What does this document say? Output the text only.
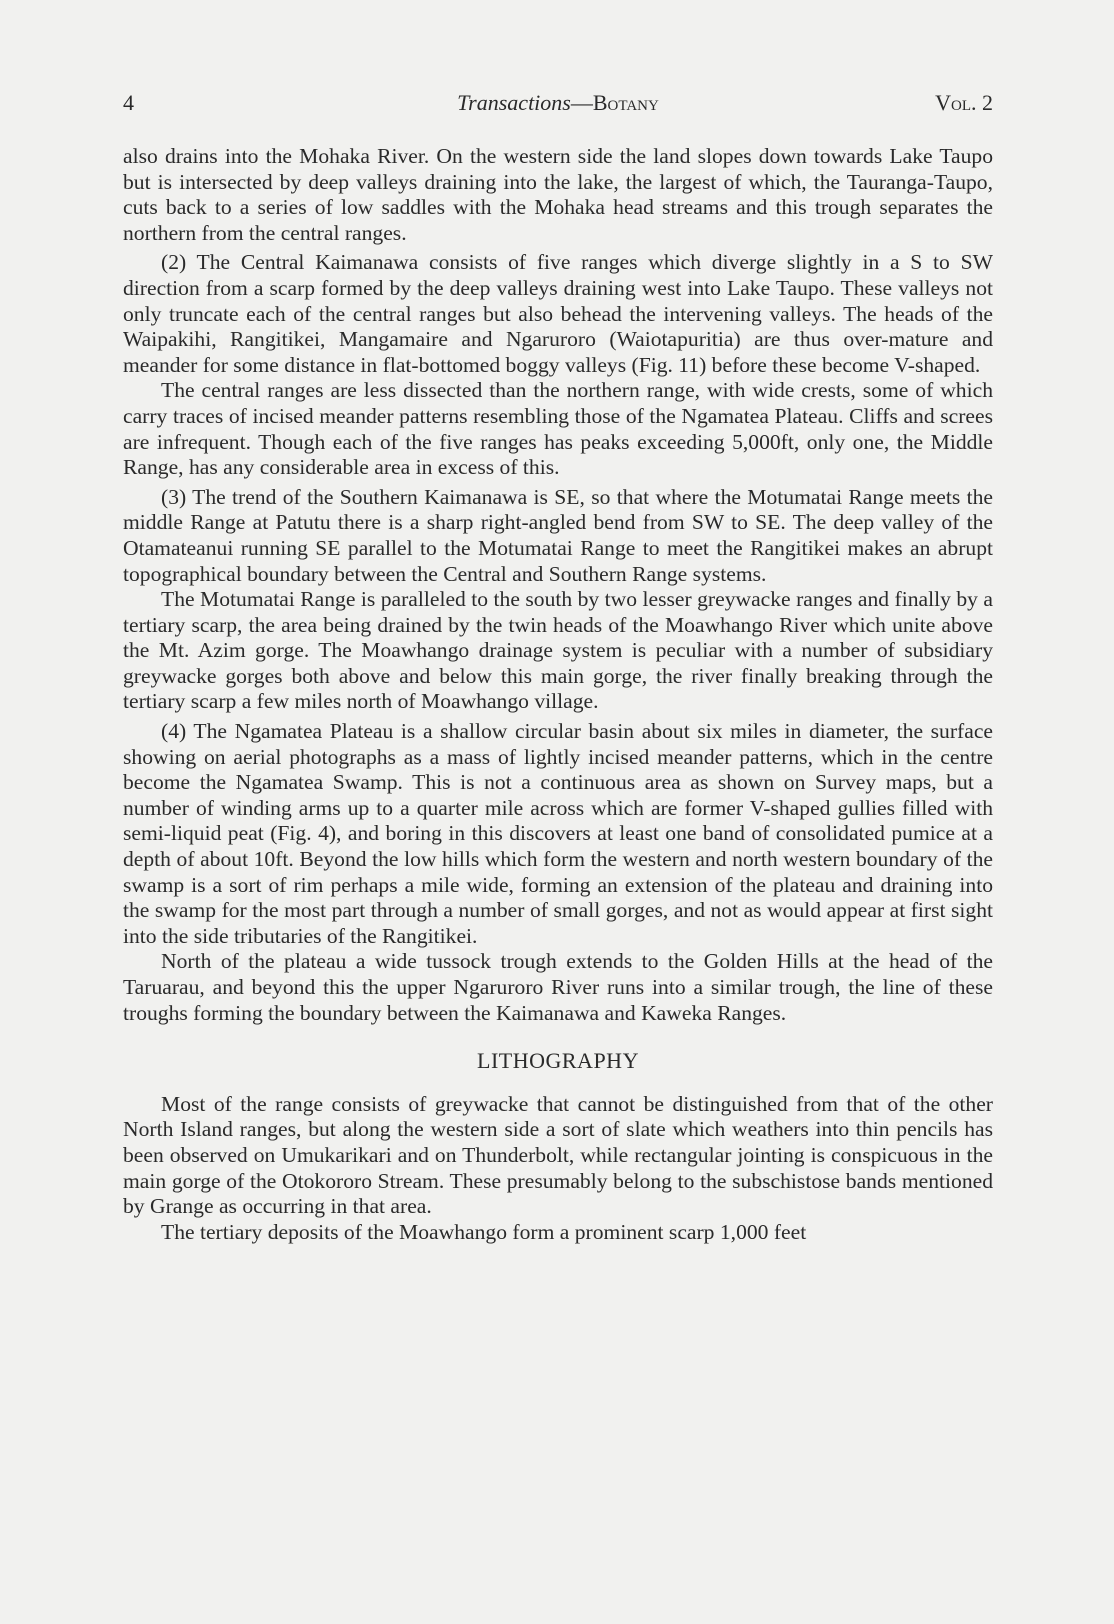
4	Transactions—Botany	Vol. 2

also drains into the Mohaka River. On the western side the land slopes down towards Lake Taupo but is intersected by deep valleys draining into the lake, the largest of which, the Tauranga-Taupo, cuts back to a series of low saddles with the Mohaka head streams and this trough separates the northern from the central ranges.

(2) The Central Kaimanawa consists of five ranges which diverge slightly in a S to SW direction from a scarp formed by the deep valleys draining west into Lake Taupo. These valleys not only truncate each of the central ranges but also behead the intervening valleys. The heads of the Waipakihi, Rangitikei, Mangamaire and Ngaruroro (Waiotapuritia) are thus over-mature and meander for some distance in flat-bottomed boggy valleys (Fig. 11) before these become V-shaped.

The central ranges are less dissected than the northern range, with wide crests, some of which carry traces of incised meander patterns resembling those of the Ngamatea Plateau. Cliffs and screes are infrequent. Though each of the five ranges has peaks exceeding 5,000ft, only one, the Middle Range, has any considerable area in excess of this.

(3) The trend of the Southern Kaimanawa is SE, so that where the Motumatai Range meets the middle Range at Patutu there is a sharp right-angled bend from SW to SE. The deep valley of the Otamateanui running SE parallel to the Motumatai Range to meet the Rangitikei makes an abrupt topographical boundary between the Central and Southern Range systems.

The Motumatai Range is paralleled to the south by two lesser greywacke ranges and finally by a tertiary scarp, the area being drained by the twin heads of the Moawhango River which unite above the Mt. Azim gorge. The Moawhango drainage system is peculiar with a number of subsidiary greywacke gorges both above and below this main gorge, the river finally breaking through the tertiary scarp a few miles north of Moawhango village.

(4) The Ngamatea Plateau is a shallow circular basin about six miles in diameter, the surface showing on aerial photographs as a mass of lightly incised meander patterns, which in the centre become the Ngamatea Swamp. This is not a continuous area as shown on Survey maps, but a number of winding arms up to a quarter mile across which are former V-shaped gullies filled with semi-liquid peat (Fig. 4), and boring in this discovers at least one band of consolidated pumice at a depth of about 10ft. Beyond the low hills which form the western and north western boundary of the swamp is a sort of rim perhaps a mile wide, forming an extension of the plateau and draining into the swamp for the most part through a number of small gorges, and not as would appear at first sight into the side tributaries of the Rangitikei.

North of the plateau a wide tussock trough extends to the Golden Hills at the head of the Taruarau, and beyond this the upper Ngaruroro River runs into a similar trough, the line of these troughs forming the boundary between the Kaimanawa and Kaweka Ranges.

LITHOGRAPHY

Most of the range consists of greywacke that cannot be distinguished from that of the other North Island ranges, but along the western side a sort of slate which weathers into thin pencils has been observed on Umukarikari and on Thunderbolt, while rectangular jointing is conspicuous in the main gorge of the Otokororo Stream. These presumably belong to the subschistose bands mentioned by Grange as occurring in that area.

The tertiary deposits of the Moawhango form a prominent scarp 1,000 feet
